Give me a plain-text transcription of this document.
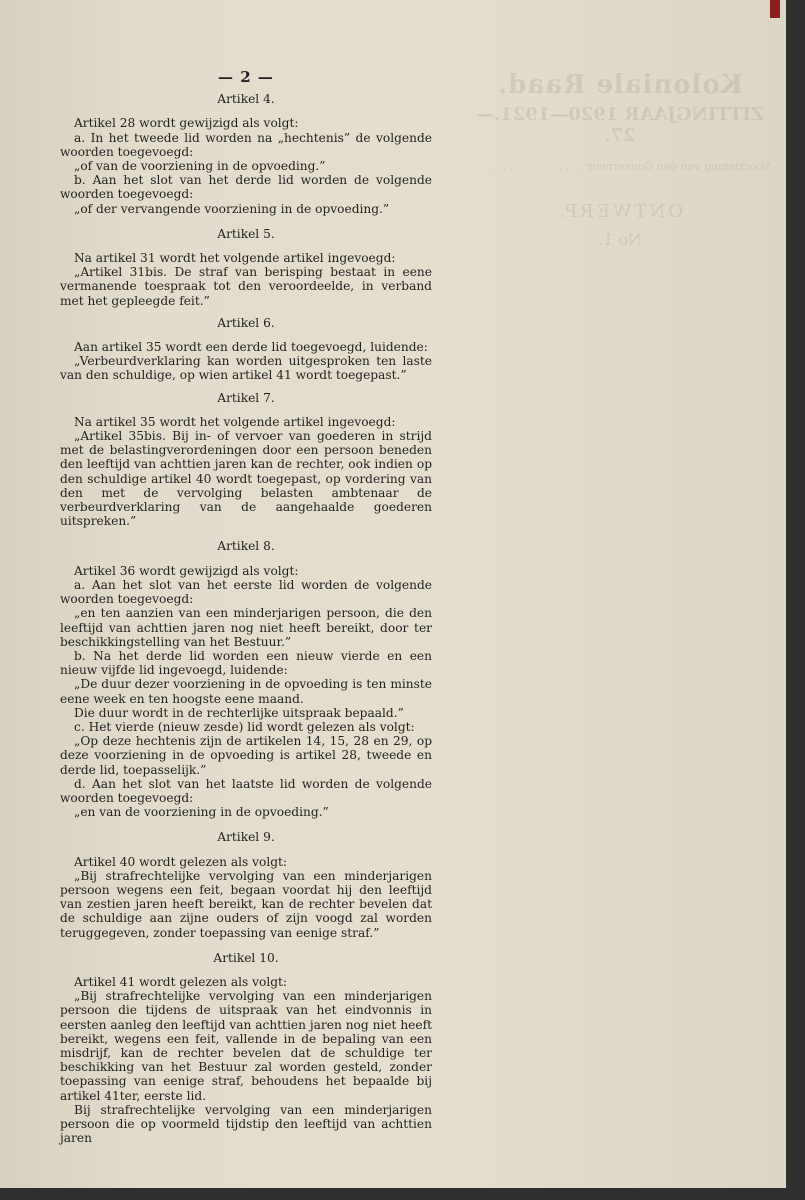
Koloniale Raad.
ZITTINGJAAR 1920—1921.—27.
Voorziening van den Gouverneur . . . . . . . . . . . . . . .
ONTWERP.
No 1.
— 2 —
Artikel 4.

Artikel 28 wordt gewijzigd als volgt:

a. In het tweede lid worden na „hechtenis” de volgende woorden toegevoegd:

„of van de voorziening in de opvoeding.”

b. Aan het slot van het derde lid worden de volgende woorden toegevoegd:

„of der vervangende voorziening in de opvoeding.”

Artikel 5.

Na artikel 31 wordt het volgende artikel ingevoegd:

„Artikel 31bis. De straf van berisping bestaat in eene vermanende toespraak tot den veroordeelde, in verband met het gepleegde feit.”

Artikel 6.

Aan artikel 35 wordt een derde lid toegevoegd, luidende:

„Verbeurdverklaring kan worden uitgesproken ten laste van den schuldige, op wien artikel 41 wordt toegepast.”

Artikel 7.

Na artikel 35 wordt het volgende artikel ingevoegd:

„Artikel 35bis. Bij in- of vervoer van goederen in strijd met de belastingverordeningen door een persoon beneden den leeftijd van achttien jaren kan de rechter, ook indien op den schuldige artikel 40 wordt toegepast, op vordering van den met de vervolging belasten ambtenaar de verbeurdverklaring van de aangehaalde goederen uitspreken.”

Artikel 8.

Artikel 36 wordt gewijzigd als volgt:

a. Aan het slot van het eerste lid worden de volgende woorden toegevoegd:

„en ten aanzien van een minderjarigen persoon, die den leeftijd van achttien jaren nog niet heeft bereikt, door ter beschikkingstelling van het Bestuur.”

b. Na het derde lid worden een nieuw vierde en een nieuw vijfde lid ingevoegd, luidende:

„De duur dezer voorziening in de opvoeding is ten minste eene week en ten hoogste eene maand.

Die duur wordt in de rechterlijke uitspraak bepaald.”

c. Het vierde (nieuw zesde) lid wordt gelezen als volgt:

„Op deze hechtenis zijn de artikelen 14, 15, 28 en 29, op deze voorziening in de opvoeding is artikel 28, tweede en derde lid, toepasselijk.”

d. Aan het slot van het laatste lid worden de volgende woorden toegevoegd:

„en van de voorziening in de opvoeding.”

Artikel 9.

Artikel 40 wordt gelezen als volgt:

„Bij strafrechtelijke vervolging van een minderjarigen persoon wegens een feit, begaan voordat hij den leeftijd van zestien jaren heeft bereikt, kan de rechter bevelen dat de schuldige aan zijne ouders of zijn voogd zal worden teruggegeven, zonder toepassing van eenige straf.”

Artikel 10.

Artikel 41 wordt gelezen als volgt:

„Bij strafrechtelijke vervolging van een minderjarigen persoon die tijdens de uitspraak van het eindvonnis in eersten aanleg den leeftijd van achttien jaren nog niet heeft bereikt, wegens een feit, vallende in de bepaling van een misdrijf, kan de rechter bevelen dat de schuldige ter beschikking van het Bestuur zal worden gesteld, zonder toepassing van eenige straf, behoudens het bepaalde bij artikel 41ter, eerste lid.

Bij strafrechtelijke vervolging van een minderjarigen persoon die op voormeld tijdstip den leeftijd van achttien jaren
